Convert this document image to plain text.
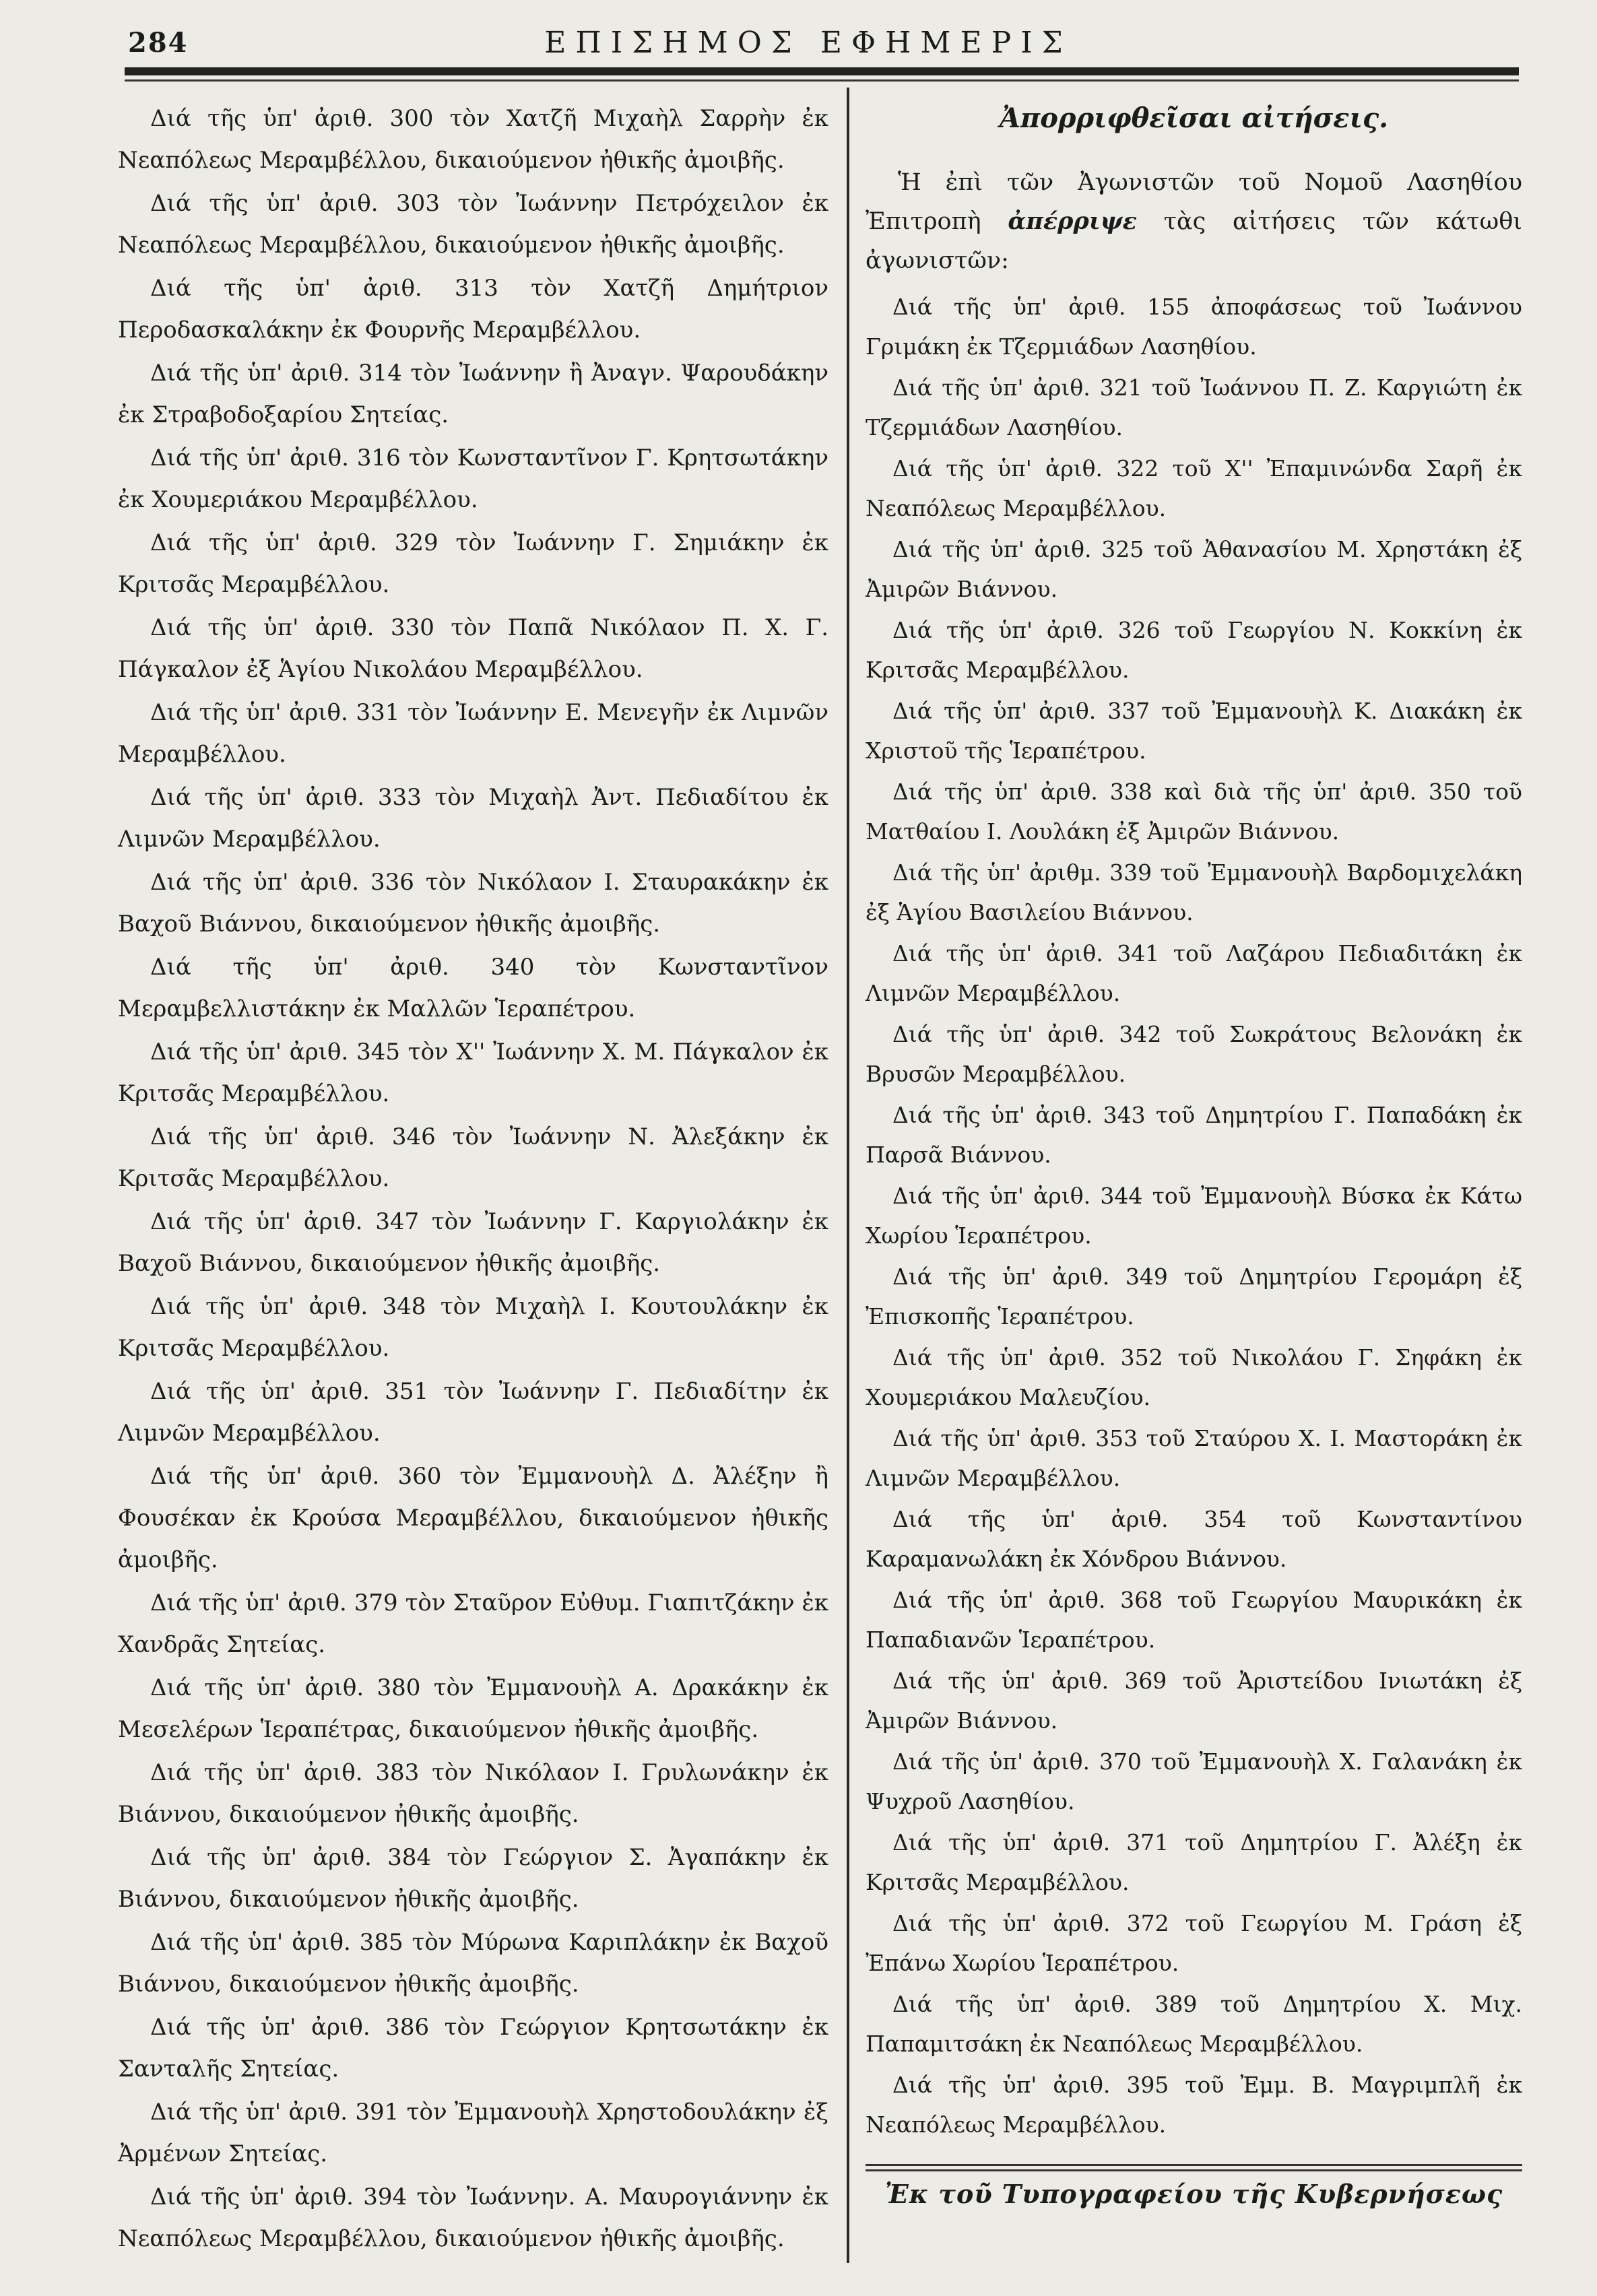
284	ΕΠΙΣΗΜΟΣ ΕΦΗΜΕΡΙΣ

Διά τῆς ὑπ' ἀριθ. 300 τὸν Χατζῆ Μιχαὴλ Σαρρὴν ἐκ Νεαπόλεως Μεραμβέλλου, δικαιούμενον ἠθικῆς ἀμοιβῆς.

Διά τῆς ὑπ' ἀριθ. 303 τὸν Ἰωάννην Πετρόχειλον ἐκ Νεαπόλεως Μεραμβέλλου, δικαιούμενον ἠθικῆς ἀμοιβῆς.

Διά τῆς ὑπ' ἀριθ. 313 τὸν Χατζῆ Δημήτριον Περοδασκαλάκην ἐκ Φουρνῆς Μεραμβέλλου.

Διά τῆς ὑπ' ἀριθ. 314 τὸν Ἰωάννην ἢ Ἀναγν. Ψαρουδάκην ἐκ Στραβοδοξαρίου Σητείας.

Διά τῆς ὑπ' ἀριθ. 316 τὸν Κωνσταντῖνον Γ. Κρητσωτάκην ἐκ Χουμεριάκου Μεραμβέλλου.

Διά τῆς ὑπ' ἀριθ. 329 τὸν Ἰωάννην Γ. Σημιάκην ἐκ Κριτσᾶς Μεραμβέλλου.

Διά τῆς ὑπ' ἀριθ. 330 τὸν Παπᾶ Νικόλαον Π. Χ. Γ. Πάγκαλον ἐξ Ἁγίου Νικολάου Μεραμβέλλου.

Διά τῆς ὑπ' ἀριθ. 331 τὸν Ἰωάννην Ε. Μενεγῆν ἐκ Λιμνῶν Μεραμβέλλου.

Διά τῆς ὑπ' ἀριθ. 333 τὸν Μιχαὴλ Ἀντ. Πεδιαδίτου ἐκ Λιμνῶν Μεραμβέλλου.

Διά τῆς ὑπ' ἀριθ. 336 τὸν Νικόλαον Ι. Σταυρακάκην ἐκ Βαχοῦ Βιάννου, δικαιούμενον ἠθικῆς ἀμοιβῆς.

Διά τῆς ὑπ' ἀριθ. 340 τὸν Κωνσταντῖνον Μεραμβελλιστάκην ἐκ Μαλλῶν Ἱεραπέτρου.

Διά τῆς ὑπ' ἀριθ. 345 τὸν Χ'' Ἰωάννην Χ. Μ. Πάγκαλον ἐκ Κριτσᾶς Μεραμβέλλου.

Διά τῆς ὑπ' ἀριθ. 346 τὸν Ἰωάννην Ν. Ἀλεξάκην ἐκ Κριτσᾶς Μεραμβέλλου.

Διά τῆς ὑπ' ἀριθ. 347 τὸν Ἰωάννην Γ. Καργιολάκην ἐκ Βαχοῦ Βιάννου, δικαιούμενον ἠθικῆς ἀμοιβῆς.

Διά τῆς ὑπ' ἀριθ. 348 τὸν Μιχαὴλ Ι. Κουτουλάκην ἐκ Κριτσᾶς Μεραμβέλλου.

Διά τῆς ὑπ' ἀριθ. 351 τὸν Ἰωάννην Γ. Πεδιαδίτην ἐκ Λιμνῶν Μεραμβέλλου.

Διά τῆς ὑπ' ἀριθ. 360 τὸν Ἐμμανουὴλ Δ. Ἀλέξην ἢ Φουσέκαν ἐκ Κρούσα Μεραμβέλλου, δικαιούμενον ἠθικῆς ἀμοιβῆς.

Διά τῆς ὑπ' ἀριθ. 379 τὸν Σταῦρον Εὐθυμ. Γιαπιτζάκην ἐκ Χανδρᾶς Σητείας.

Διά τῆς ὑπ' ἀριθ. 380 τὸν Ἐμμανουὴλ Α. Δρακάκην ἐκ Μεσελέρων Ἱεραπέτρας, δικαιούμενον ἠθικῆς ἀμοιβῆς.

Διά τῆς ὑπ' ἀριθ. 383 τὸν Νικόλαον Ι. Γρυλωνάκην ἐκ Βιάννου, δικαιούμενον ἠθικῆς ἀμοιβῆς.

Διά τῆς ὑπ' ἀριθ. 384 τὸν Γεώργιον Σ. Ἀγαπάκην ἐκ Βιάννου, δικαιούμενον ἠθικῆς ἀμοιβῆς.

Διά τῆς ὑπ' ἀριθ. 385 τὸν Μύρωνα Καριπλάκην ἐκ Βαχοῦ Βιάννου, δικαιούμενον ἠθικῆς ἀμοιβῆς.

Διά τῆς ὑπ' ἀριθ. 386 τὸν Γεώργιον Κρητσωτάκην ἐκ Σανταλῆς Σητείας.

Διά τῆς ὑπ' ἀριθ. 391 τὸν Ἐμμανουὴλ Χρηστοδουλάκην ἐξ Ἀρμένων Σητείας.

Διά τῆς ὑπ' ἀριθ. 394 τὸν Ἰωάννην. Α. Μαυρογιάννην ἐκ Νεαπόλεως Μεραμβέλλου, δικαιούμενον ἠθικῆς ἀμοιβῆς.

Ἀπορριφθεῖσαι αἰτήσεις.

Ἡ ἐπὶ τῶν Ἀγωνιστῶν τοῦ Νομοῦ Λασηθίου Ἐπιτροπὴ ἀπέρριψε τὰς αἰτήσεις τῶν κάτωθι ἀγωνιστῶν:

Διά τῆς ὑπ' ἀριθ. 155 ἀποφάσεως τοῦ Ἰωάννου Γριμάκη ἐκ Τζερμιάδων Λασηθίου.

Διά τῆς ὑπ' ἀριθ. 321 τοῦ Ἰωάννου Π. Ζ. Καργιώτη ἐκ Τζερμιάδων Λασηθίου.

Διά τῆς ὑπ' ἀριθ. 322 τοῦ Χ'' Ἐπαμινώνδα Σαρῆ ἐκ Νεαπόλεως Μεραμβέλλου.

Διά τῆς ὑπ' ἀριθ. 325 τοῦ Ἀθανασίου Μ. Χρηστάκη ἐξ Ἀμιρῶν Βιάννου.

Διά τῆς ὑπ' ἀριθ. 326 τοῦ Γεωργίου Ν. Κοκκίνη ἐκ Κριτσᾶς Μεραμβέλλου.

Διά τῆς ὑπ' ἀριθ. 337 τοῦ Ἐμμανουὴλ Κ. Διακάκη ἐκ Χριστοῦ τῆς Ἱεραπέτρου.

Διά τῆς ὑπ' ἀριθ. 338 καὶ διὰ τῆς ὑπ' ἀριθ. 350 τοῦ Ματθαίου Ι. Λουλάκη ἐξ Ἀμιρῶν Βιάννου.

Διά τῆς ὑπ' ἀριθμ. 339 τοῦ Ἐμμανουὴλ Βαρδομιχελάκη ἐξ Ἁγίου Βασιλείου Βιάννου.

Διά τῆς ὑπ' ἀριθ. 341 τοῦ Λαζάρου Πεδιαδιτάκη ἐκ Λιμνῶν Μεραμβέλλου.

Διά τῆς ὑπ' ἀριθ. 342 τοῦ Σωκράτους Βελονάκη ἐκ Βρυσῶν Μεραμβέλλου.

Διά τῆς ὑπ' ἀριθ. 343 τοῦ Δημητρίου Γ. Παπαδάκη ἐκ Παρσᾶ Βιάννου.

Διά τῆς ὑπ' ἀριθ. 344 τοῦ Ἐμμανουὴλ Βύσκα ἐκ Κάτω Χωρίου Ἱεραπέτρου.

Διά τῆς ὑπ' ἀριθ. 349 τοῦ Δημητρίου Γερομάρη ἐξ Ἐπισκοπῆς Ἱεραπέτρου.

Διά τῆς ὑπ' ἀριθ. 352 τοῦ Νικολάου Γ. Σηφάκη ἐκ Χουμεριάκου Μαλευζίου.

Διά τῆς ὑπ' ἀριθ. 353 τοῦ Σταύρου Χ. Ι. Μαστοράκη ἐκ Λιμνῶν Μεραμβέλλου.

Διά τῆς ὑπ' ἀριθ. 354 τοῦ Κωνσταντίνου Καραμανωλάκη ἐκ Χόνδρου Βιάννου.

Διά τῆς ὑπ' ἀριθ. 368 τοῦ Γεωργίου Μαυρικάκη ἐκ Παπαδιανῶν Ἱεραπέτρου.

Διά τῆς ὑπ' ἀριθ. 369 τοῦ Ἀριστείδου Ινιωτάκη ἐξ Ἀμιρῶν Βιάννου.

Διά τῆς ὑπ' ἀριθ. 370 τοῦ Ἐμμανουὴλ Χ. Γαλανάκη ἐκ Ψυχροῦ Λασηθίου.

Διά τῆς ὑπ' ἀριθ. 371 τοῦ Δημητρίου Γ. Ἀλέξη ἐκ Κριτσᾶς Μεραμβέλλου.

Διά τῆς ὑπ' ἀριθ. 372 τοῦ Γεωργίου Μ. Γράση ἐξ Ἐπάνω Χωρίου Ἱεραπέτρου.

Διά τῆς ὑπ' ἀριθ. 389 τοῦ Δημητρίου Χ. Μιχ. Παπαμιτσάκη ἐκ Νεαπόλεως Μεραμβέλλου.

Διά τῆς ὑπ' ἀριθ. 395 τοῦ Ἐμμ. Β. Μαγριμπλῆ ἐκ Νεαπόλεως Μεραμβέλλου.

Ἐκ τοῦ Τυπογραφείου τῆς Κυβερνήσεως
